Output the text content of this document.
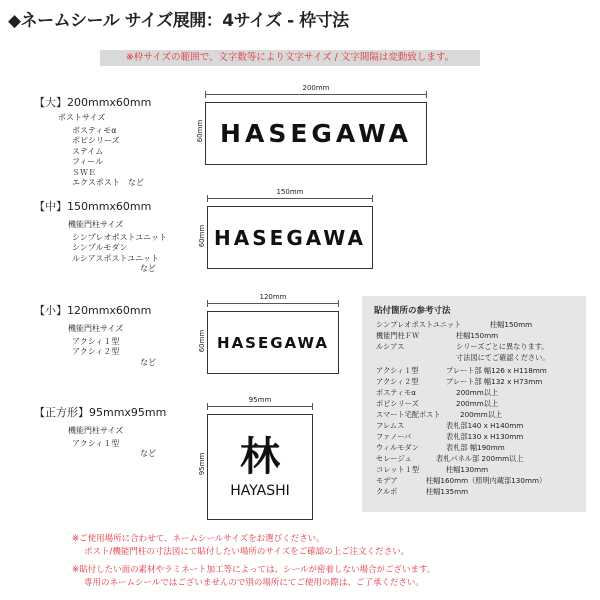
◆ネームシール サイズ展開：4サイズ - 枠寸法
※枠サイズの範囲で、文字数等により文字サイズ / 文字間隔は変動致します。
【大】200mmx60mm
ポストサイズ
ボスティモα
ポピシリーズ
ステイム
フィール
ＳＷＥ
エクスポスト　など
200mm
60mm HASEGAWA
【中】150mmx60mm
機能門柱サイズ
シンプレオポストユニット
シンプルモダン
ルシアスポストユニット
など
150mm
60mm HASEGAWA
【小】120mmx60mm
機能門柱サイズ
アクシィ１型
アクシィ２型
など
120mm
60mm HASEGAWA
【正方形】95mmx95mm
機能門柱サイズ
アクシィ１型
など
95mm
95mm 林
HAYASHI
貼付箇所の参考寸法
シンプレオポストユニット	柱幅150mm
機能門柱ＦＷ	柱幅150mm
ルシアス	シリーズごとに異なります。
寸法図にてご確認ください。
アクシィ１型	プレート部 幅126 x H118mm
アクシィ２型	プレート部 幅132 x H73mm
ボスティモα	200mm以上
ポピシリーズ	200mm以上
スマート宅配ポスト	200mm以上
フレムス	表札部140 x H140mm
ファノーバ	表札部130 x H130mm
ウィルモダン	表札部 幅190mm
セレージュ	表札パネル部 200mm以上
コレット１型	柱幅130mm
モデア	柱幅160mm（照明内蔵部130mm）
クルポ	柱幅135mm
※ご使用場所に合わせて、ネームシールサイズをお選びください。
ポスト/機能門柱の寸法図にて貼付したい場所のサイズをご確認の上ご注文ください。
※貼付したい面の素材やラミネート加工等によっては、シールが密着しない場合がございます。
専用のネームシールではございませんので別の場所にてご使用の際は、ご了承ください。
